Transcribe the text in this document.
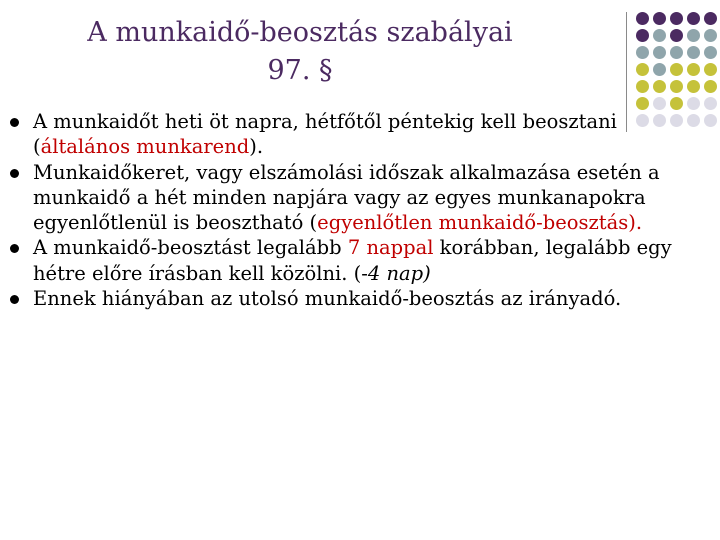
A munkaidő-beosztás szabályai
97. §
A munkaidőt heti öt napra, hétfőtől péntekig kell beosztani (általános munkarend).
Munkaidőkeret, vagy elszámolási időszak alkalmazása esetén a munkaidő a hét minden napjára vagy az egyes munkanapokra egyenlőtlenül is beosztható (egyenlőtlen munkaidő-beosztás).
A munkaidő-beosztást legalább 7 nappal korábban, legalább egy hétre előre írásban kell közölni. (-4 nap)
Ennek hiányában az utolsó munkaidő-beosztás az irányadó.
